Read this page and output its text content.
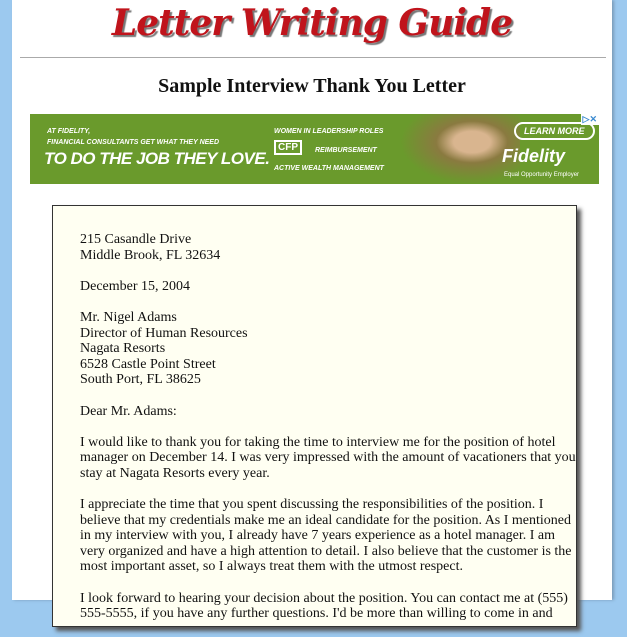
Letter Writing Guide
Sample Interview Thank You Letter
AT FIDELITY,
FINANCIAL CONSULTANTS GET WHAT THEY NEED
TO DO THE JOB THEY LOVE.
WOMEN IN LEADERSHIP ROLES
CFP	REIMBURSEMENT
ACTIVE WEALTH MANAGEMENT
LEARN MORE
Fidelity
Equal Opportunity Employer
▷✕
215 Casandle Drive
Middle Brook, FL 32634
December 15, 2004
Mr. Nigel Adams
Director of Human Resources
Nagata Resorts
6528 Castle Point Street
South Port, FL 38625
Dear Mr. Adams:
I would like to thank you for taking the time to interview me for the position of hotel
manager on December 14. I was very impressed with the amount of vacationers that you
stay at Nagata Resorts every year.
I appreciate the time that you spent discussing the responsibilities of the position. I
believe that my credentials make me an ideal candidate for the position. As I mentioned
in my interview with you, I already have 7 years experience as a hotel manager. I am
very organized and have a high attention to detail. I also believe that the customer is the
most important asset, so I always treat them with the utmost respect.
I look forward to hearing your decision about the position. You can contact me at (555)
555-5555, if you have any further questions. I'd be more than willing to come in and
